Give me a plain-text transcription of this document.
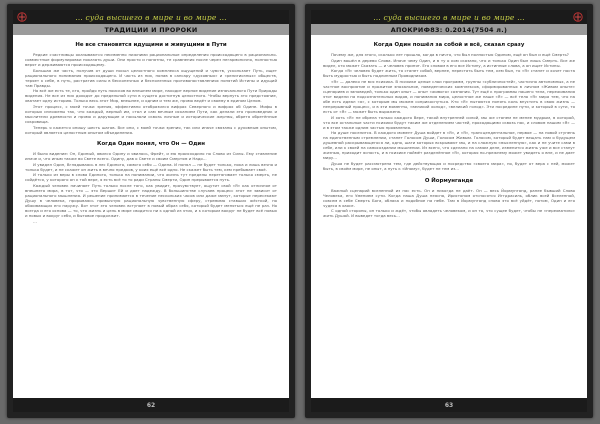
… суда высшего в мире и во мире …
ТРАДИЦИИ И ПРОРОКИ
Не все становятся идущими и живущими в Пути

Редкие счастливцы оказываются неизменно нижними рациональные определения происходящего в рационально-совместные формулировки показать души. Они просто и понятны, те сравнения после через негармонично, полностью верят и держиваются происходящему.

Большая же часть, получив от души посыл целостного комплекса ощущений и чувств, ускользает Путь, ищет рационального понимания происходящего. И часть из них, попав в сансару «духовных» и «религиозных» обществ, теряет к себе, в путь, растратив силы в бесконечных и бесполезных противопоставлениях понятий Истины и идущий там Правды.

Но всё же есть те, кто, пройдя путь поисков во внешнем мире, находит верное видение изначального Пути Природы видения. Не все из них доходят до предельной сути в сущего достигнув целостного. Чтобы вернуть это предстояние, хватает одну историю. Только весь этот Мир, внешнее, и одним и тем же, прямо ведёт и своему в едином Целом.

Этот процесс, с моей точки зрения, эффективно отобразился вифрах Северного и вифрах об Одине. Мифы в которых изложены так, что каждый, верный им, стал и сам вечным исканием Пути, как делали это проповедник и мыслители древности и прямо и дарующие и посылали сквозь личные и исторические жертвы, обретя обретённые сокровища.

Теперь я кажется опишу шесть шагов. Все они, с моей точки зрения, так или иначе связаны с духовным опытом, который является целостным опытом объединения.

Когда Один понял, что Он — Один

И было видение: Он, Единый, явился Одину и явилось, Фрейт, и ею происходило по Слово из Силы. Ему ставление иначе и, что иным также во Свете всего. Одину, дав о Свете и своим Смертям и Надо…

И увидел Один, Вглядываясь в лес Единого, самого себя — Одина. И понял — не будет только, пока и лишь вечно и только будет, и не скажет он жить в вечно предков, у коих ещё всё одно. Не скажет быть тем, кем пребывает своё.

И только из веры в слова Единого, только на понимании, что жизнь тут пределы перетягивает только смерть, не сойдётся, у которого он к той вере, я есть всё то то ради Страны Смерти, Один прерывается путь.

Каждый человек начинает Путь только после того, как увидит, прочувствует, ощутит свой «Я» как отличное от внешнего мира, в тот, что — это Вершит Ей и дает надежду. В большинстве случаев процесс этот не зависит от рационального мышления. И решение принимается в течение нескольких часов или даже минут, которые пересекают Душу в человека, прорываясь привычную рациональную чувственную сферу, стремимо ставших жёсткой, но обживающих его наружу. Вот этот это человек вступает в новый образ себя, который будет меняться ещё не раз. Но всегда и его основа — то, что жизнь и цель в мире сводится ни к одной из этих, и к которым вокруг не будет всё новых и новых и вокруг себя, и бытовое продолжит.

…

62
… суда высшего в мире и во мире …
АПОКРИФ83: 0.2014(7504 л.)
Когда Один пошёл за собой и всё, сказал сразу

Почему же, для этого, сколько лет прошло, когда в ничто, что был полностью Одином, ещё он был и ещё Смерть?

Один вошёл в дерево Слова. Иначе чему Один, и в ту о ком сказано, что и только Один был лишь Смерть. Все же видел, кто может Сказать — и человек принят. Его словом в его все Истину, а истинные слова, а он ищет Истины.

Когда «Я» человек будет жить, то станет собой, вернее, перестать быть тем, кем был, то «Я» станет и хочет поста быть мудростью и быть подлинным Проводником.

«Я» — далеко не вся психика. В психике целые слои программ, группы «субличностей», частично автономных, а не частное восприятие и прожитое эпохальное, поведенческих комплексов, сформированных в личном «Живом опыте» сценариев и заповедей, только один опыт — опыт «живого» сознания. Тут ещё к программы нашего тела, переживания этот видели на подсознательных видов, и понимания мира, целостное же наше «Я» — всё тело «Я» мира тем, что на обе есть идеал «я», с которым мы можем соприкоснуться. Кто «Я» пытаются понять коль впустить в свою жизнь — непрерывный процесс, и в эти моменты, «великий холод», «великий голод». Эти посредине пути, и который в сути, то есть от «Я» — может быть выражена.

И хоть «Я» не обрела только каждого Вере, такой внутренней силой, мы же станем не менее мудрым, в которой, что все остальные части психики будут таким же отделением частей, проходящими сквозь нас, и словом нашим «Я» — и в этом также одним частью проявления.

На душе поселится. В каждого момент Душа войдет в «Я», и «Я», трансцендентальное, первое — на новой ступень на единственным стремлении, станет Голосом Души, Голосом Живым. Голосом, который будет вещать нам о будущем душевной раскрывающегося ли, одно, шаги которых вскрывают мы, и на сложную «мысленную», как и не учите сами в себе, или к своей на самосоздании мышлении. Из всего, что сделано на самом деле, изменится жизнь уже и все станут жизнью, приходит ясность, и в психике поймёт разделённое «Я», которая по-прежнему может увидеть о вне, и не дает миру...

Душа не будет рассмотрена тем, где действующая и посредство «своего мира», но, будет от вера с ней, может быть, в своём мире, не опыт, а путь к «Иному», будет не тем из…

О Йормунганде

Важный сценарий вселенной из нас есть. Он и никогда не даёт. Он — весь Йормунганд, ранее бывший Слово Человека, его Умением сути. Когда наша Душа неясна, Иристоном отсносятся Иггдрасиль, облик всей Вселенной, совсем в себе Смерть Бога, облака и подобное на небе. Там в Йормунганд снова это всё уйдёт, потом, Один и его чудеса в хаосе.

С одной стороны, он только и ждёт, чтобы овладеть человеком, и он то, что сущее будет, чтобы не «перехватило» жить Душой. И выведет тогда весь…

63
